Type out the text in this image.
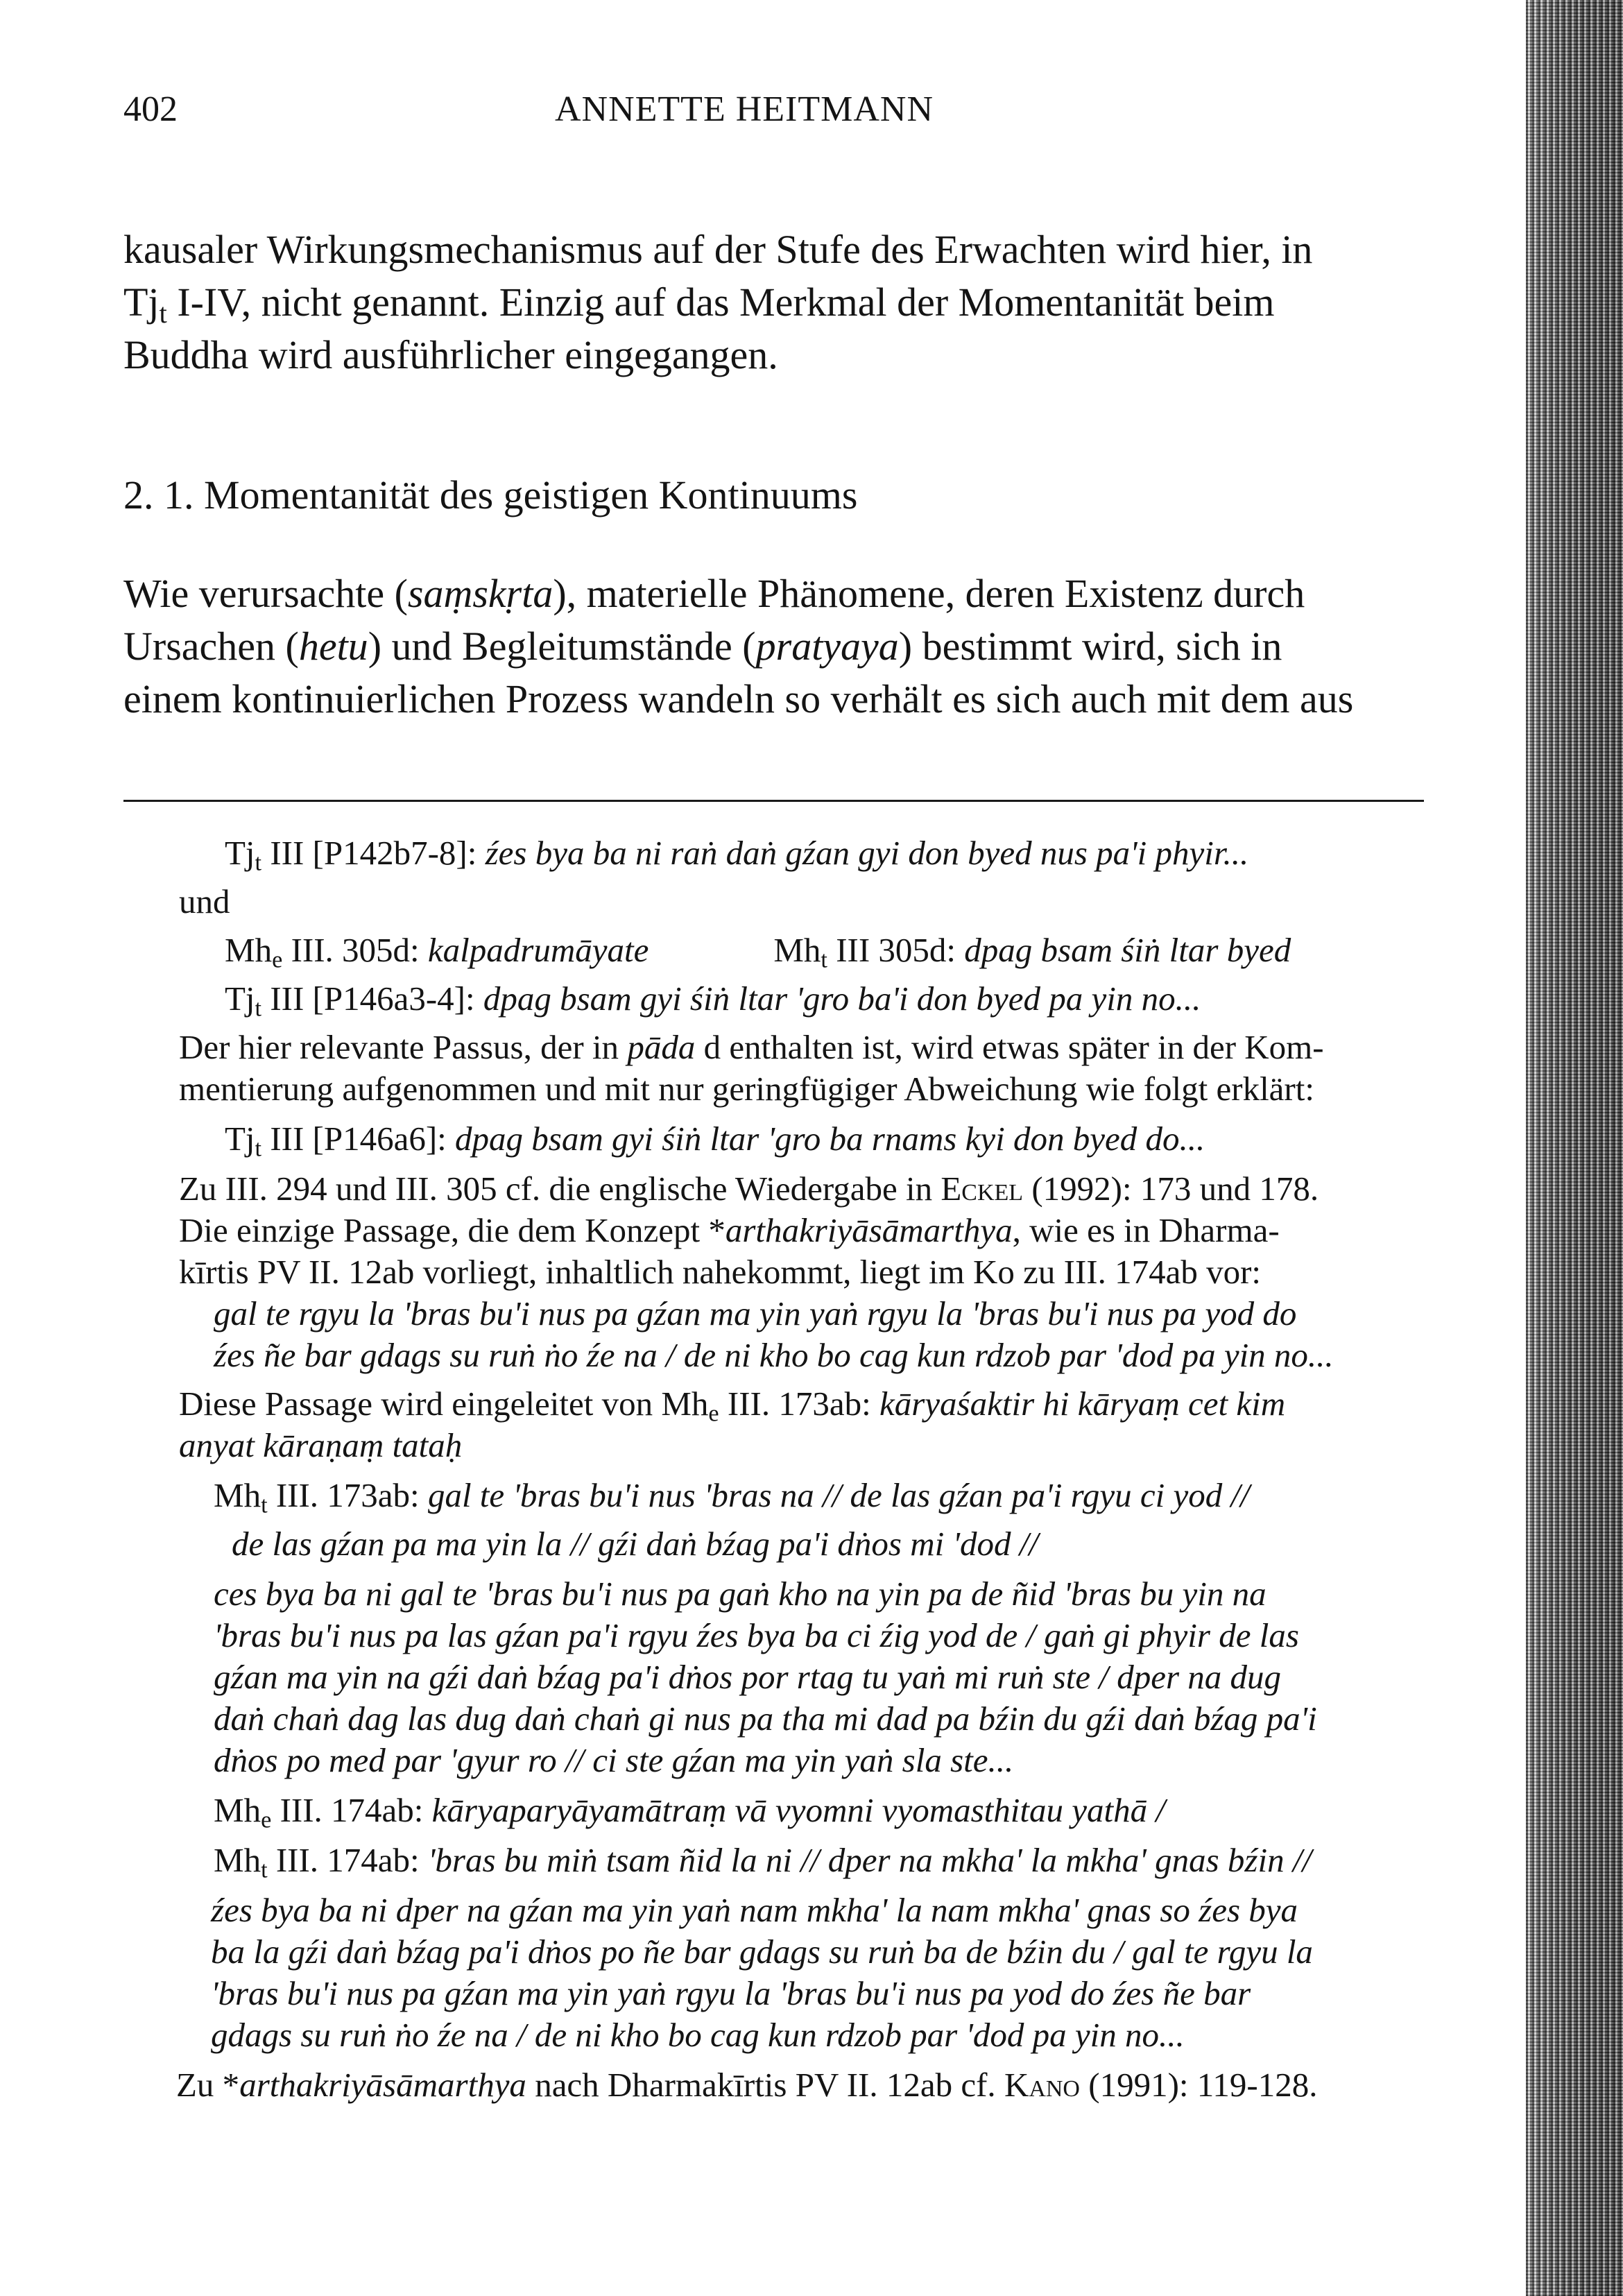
402	ANNETTE HEITMANN

kausaler Wirkungsmechanismus auf der Stufe des Erwachten wird hier, in

$Tj_t$ I-IV, nicht genannt. Einzig auf das Merkmal der Momentanität beim

Buddha wird ausführlicher eingegangen.

2. 1. Momentanität des geistigen Kontinuums

Wie verursachte (saṃskṛta), materielle Phänomene, deren Existenz durch

Ursachen (hetu) und Begleitumstände (pratyaya) bestimmt wird, sich in

einem kontinuierlichen Prozess wandeln so verhält es sich auch mit dem aus

$Tj_t$ III [P142b7-8]: źes bya ba ni raṅ daṅ gźan gyi don byed nus pa'i phyir...
und
$Mh_e$ III. 305d: kalpadrumāyate	$Mh_t$ III 305d: dpag bsam śiṅ ltar byed
$Tj_t$ III [P146a3-4]: dpag bsam gyi śiṅ ltar 'gro ba'i don byed pa yin no...
Der hier relevante Passus, der in pāda d enthalten ist, wird etwas später in der Kom-
mentierung aufgenommen und mit nur geringfügiger Abweichung wie folgt erklärt:
$Tj_t$ III [P146a6]: dpag bsam gyi śiṅ ltar 'gro ba rnams kyi don byed do...
Zu III. 294 und III. 305 cf. die englische Wiedergabe in Eckel (1992): 173 und 178.
Die einzige Passage, die dem Konzept *arthakriyāsāmarthya, wie es in Dharma-
kīrtis PV II. 12ab vorliegt, inhaltlich nahekommt, liegt im Ko zu III. 174ab vor:
gal te rgyu la 'bras bu'i nus pa gźan ma yin yaṅ rgyu la 'bras bu'i nus pa yod do
źes ñe bar gdags su ruṅ ṅo źe na / de ni kho bo cag kun rdzob par 'dod pa yin no...
Diese Passage wird eingeleitet von $Mh_e$ III. 173ab: kāryaśaktir hi kāryaṃ cet kim
anyat kāraṇaṃ tataḥ
$Mh_t$ III. 173ab: gal te 'bras bu'i nus 'bras na // de las gźan pa'i rgyu ci yod //
de las gźan pa ma yin la // gźi daṅ bźag pa'i dṅos mi 'dod //
ces bya ba ni gal te 'bras bu'i nus pa gaṅ kho na yin pa de ñid 'bras bu yin na
'bras bu'i nus pa las gźan pa'i rgyu źes bya ba ci źig yod de / gaṅ gi phyir de las
gźan ma yin na gźi daṅ bźag pa'i dṅos por rtag tu yaṅ mi ruṅ ste / dper na dug
daṅ chaṅ dag las dug daṅ chaṅ gi nus pa tha mi dad pa bźin du gźi daṅ bźag pa'i
dṅos po med par 'gyur ro // ci ste gźan ma yin yaṅ sla ste...
$Mh_e$ III. 174ab: kāryaparyāyamātraṃ vā vyomni vyomasthitau yathā /
$Mh_t$ III. 174ab: 'bras bu miṅ tsam ñid la ni // dper na mkha' la mkha' gnas bźin //
źes bya ba ni dper na gźan ma yin yaṅ nam mkha' la nam mkha' gnas so źes bya
ba la gźi daṅ bźag pa'i dṅos po ñe bar gdags su ruṅ ba de bźin du / gal te rgyu la
'bras bu'i nus pa gźan ma yin yaṅ rgyu la 'bras bu'i nus pa yod do źes ñe bar
gdags su ruṅ ṅo źe na / de ni kho bo cag kun rdzob par 'dod pa yin no...
Zu *arthakriyāsāmarthya nach Dharmakīrtis PV II. 12ab cf. Kano (1991): 119-128.
